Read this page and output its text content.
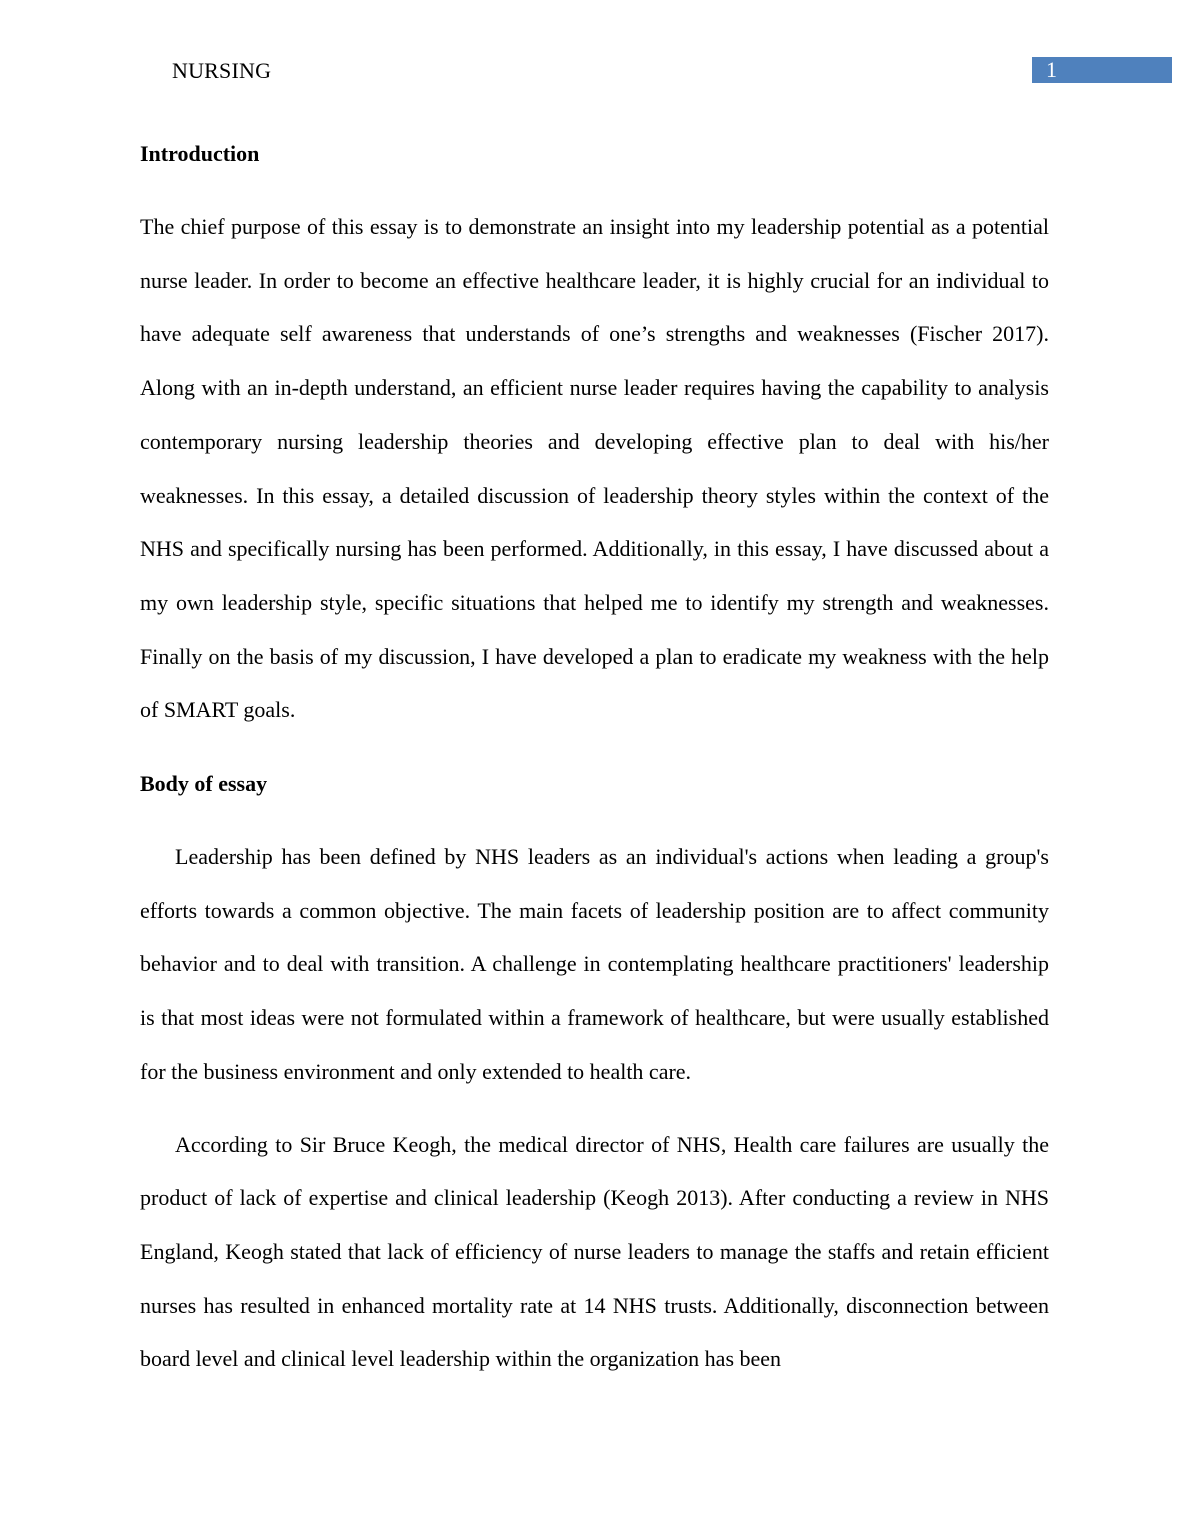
NURSING	1
Introduction

The chief purpose of this essay is to demonstrate an insight into my leadership potential as a potential nurse leader. In order to become an effective healthcare leader, it is highly crucial for an individual to have adequate self awareness that understands of one’s strengths and weaknesses (Fischer 2017). Along with an in-depth understand, an efficient nurse leader requires having the capability to analysis contemporary nursing leadership theories and developing effective plan to deal with his/her weaknesses. In this essay, a detailed discussion of leadership theory styles within the context of the NHS and specifically nursing has been performed. Additionally, in this essay, I have discussed about a my own leadership style, specific situations that helped me to identify my strength and weaknesses. Finally on the basis of my discussion, I have developed a plan to eradicate my weakness with the help of SMART goals.

Body of essay

Leadership has been defined by NHS leaders as an individual's actions when leading a group's efforts towards a common objective. The main facets of leadership position are to affect community behavior and to deal with transition. A challenge in contemplating healthcare practitioners' leadership is that most ideas were not formulated within a framework of healthcare, but were usually established for the business environment and only extended to health care.

According to Sir Bruce Keogh, the medical director of NHS, Health care failures are usually the product of lack of expertise and clinical leadership (Keogh 2013). After conducting a review in NHS England, Keogh stated that lack of efficiency of nurse leaders to manage the staffs and retain efficient nurses has resulted in enhanced mortality rate at 14 NHS trusts. Additionally, disconnection between board level and clinical level leadership within the organization has been
